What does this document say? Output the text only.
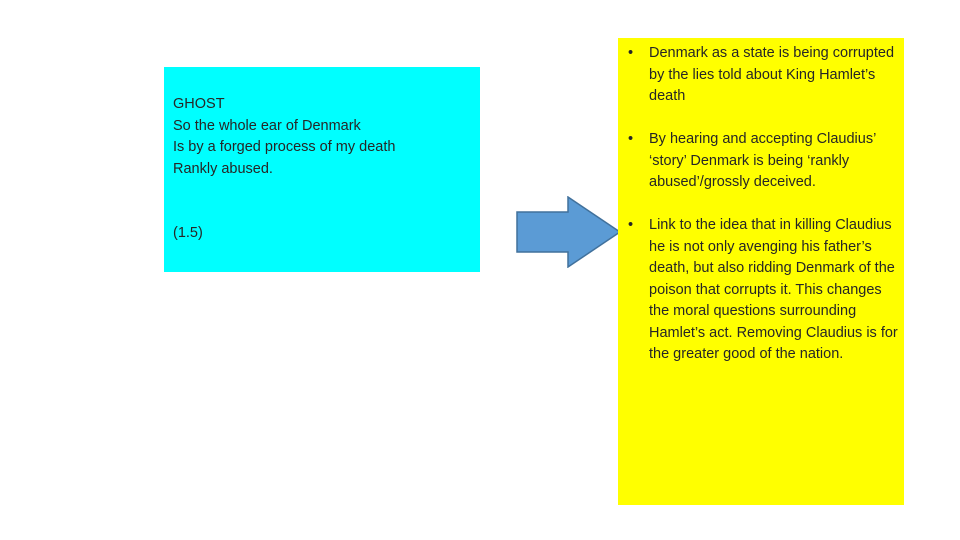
GHOST
So the whole ear of Denmark
Is by a forged process of my death
Rankly abused.
(1.5)
• Denmark as a state is being corrupted by the lies told about King Hamlet’s death
• By hearing and accepting Claudius’ ‘story’ Denmark is being ‘rankly abused’/grossly deceived.
• Link to the idea that in killing Claudius he is not only avenging his father’s death, but also ridding Denmark of the poison that corrupts it. This changes the moral questions surrounding Hamlet’s act. Removing Claudius is for the greater good of the nation.
